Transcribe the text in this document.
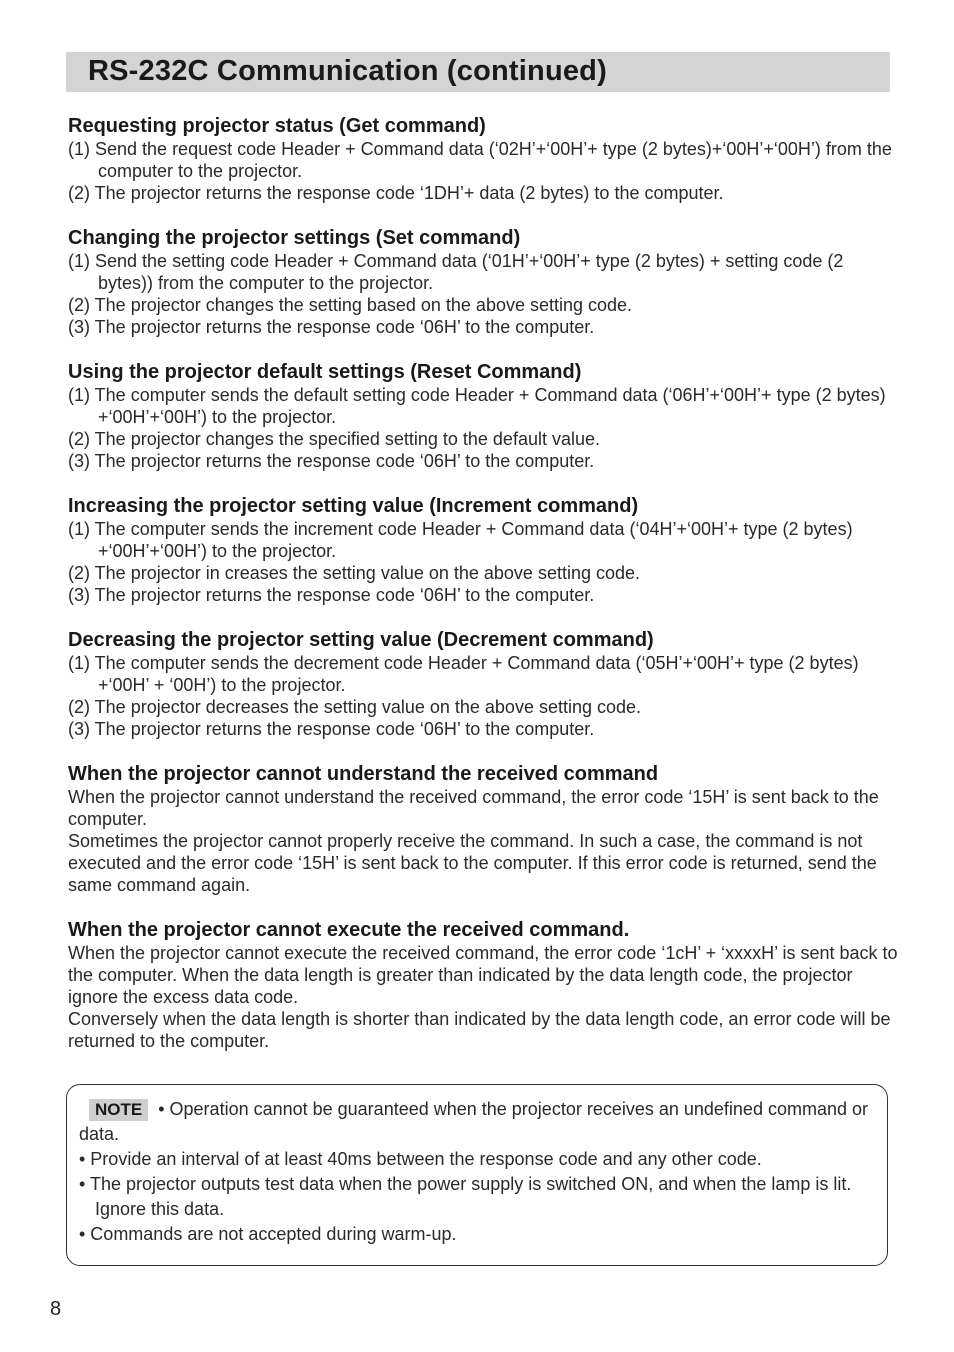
RS-232C Communication (continued)
Requesting projector status (Get command)

(1) Send the request code Header + Command data (‘02H’+‘00H’+ type (2 bytes)+‘00H’+‘00H’) from the computer to the projector.

(2) The projector returns the response code ‘1DH’+ data (2 bytes) to the computer.

Changing the projector settings (Set command)

(1) Send the setting code Header + Command data (‘01H’+‘00H’+ type (2 bytes) + setting code (2 bytes)) from the computer to the projector.

(2) The projector changes the setting based on the above setting code.

(3) The projector returns the response code ‘06H’ to the computer.

Using the projector default settings (Reset Command)

(1) The computer sends the default setting code Header + Command data (‘06H’+‘00H’+ type (2 bytes) +‘00H’+‘00H’) to the projector.

(2) The projector changes the specified setting to the default value.

(3) The projector returns the response code ‘06H’ to the computer.

Increasing the projector setting value (Increment command)

(1) The computer sends the increment code Header + Command data (‘04H’+‘00H’+ type (2 bytes) +‘00H’+‘00H’) to the projector.

(2) The projector in creases the setting value on the above setting code.

(3) The projector returns the response code ‘06H’ to the computer.

Decreasing the projector setting value (Decrement command)

(1) The computer sends the decrement code Header + Command data (‘05H’+‘00H’+ type (2 bytes) +‘00H’ + ‘00H’) to the projector.

(2) The projector decreases the setting value on the above setting code.

(3) The projector returns the response code ‘06H’ to the computer.

When the projector cannot understand the received command

When the projector cannot understand the received command, the error code ‘15H’ is sent back to the computer.

Sometimes the projector cannot properly receive the command. In such a case, the command is not executed and the error code ‘15H’ is sent back to the computer. If this error code is returned, send the same command again.

When the projector cannot execute the received command.

When the projector cannot execute the received command, the error code ‘1cH’ + ‘xxxxH’ is sent back to the computer. When the data length is greater than indicated by the data length code, the projector ignore the excess data code.

Conversely when the data length is shorter than indicated by the data length code, an error code will be returned to the computer.

NOTE • Operation cannot be guaranteed when the projector receives an undefined command or data.

• Provide an interval of at least 40ms between the response code and any other code.

• The projector outputs test data when the power supply is switched ON, and when the lamp is lit. Ignore this data.

• Commands are not accepted during warm-up.

8
